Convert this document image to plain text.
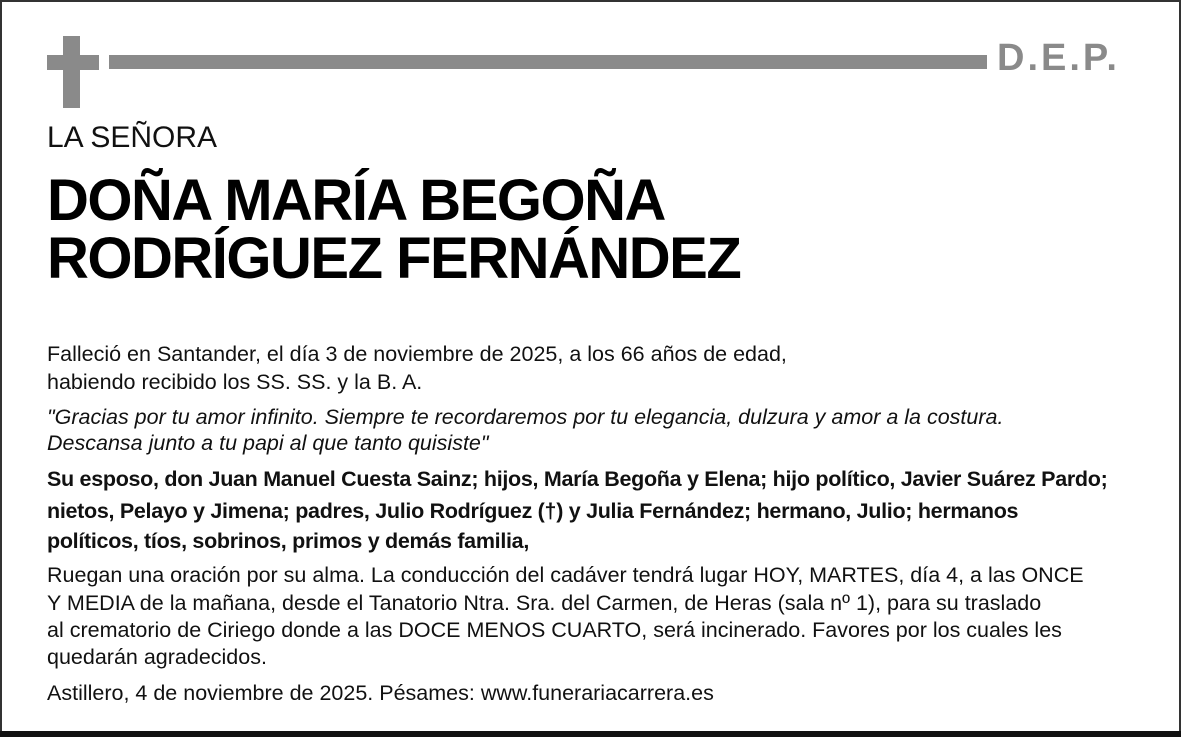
D.E.P.
LA SEÑORA
DOÑA MARÍA BEGOÑA
RODRÍGUEZ FERNÁNDEZ
Falleció en Santander, el día 3 de noviembre de 2025, a los 66 años de edad,
habiendo recibido los SS. SS. y la B. A.
"Gracias por tu amor infinito. Siempre te recordaremos por tu elegancia, dulzura y amor a la costura.
Descansa junto a tu papi al que tanto quisiste"
Su esposo, don Juan Manuel Cuesta Sainz; hijos, María Begoña y Elena; hijo político, Javier Suárez Pardo;
nietos, Pelayo y Jimena; padres, Julio Rodríguez (†) y Julia Fernández; hermano, Julio; hermanos
políticos, tíos, sobrinos, primos y demás familia,
Ruegan una oración por su alma. La conducción del cadáver tendrá lugar HOY, MARTES, día 4, a las ONCE
Y MEDIA de la mañana, desde el Tanatorio Ntra. Sra. del Carmen, de Heras (sala nº 1), para su traslado
al crematorio de Ciriego donde a las DOCE MENOS CUARTO, será incinerado. Favores por los cuales les
quedarán agradecidos.
Astillero, 4 de noviembre de 2025. Pésames: www.funerariacarrera.es
